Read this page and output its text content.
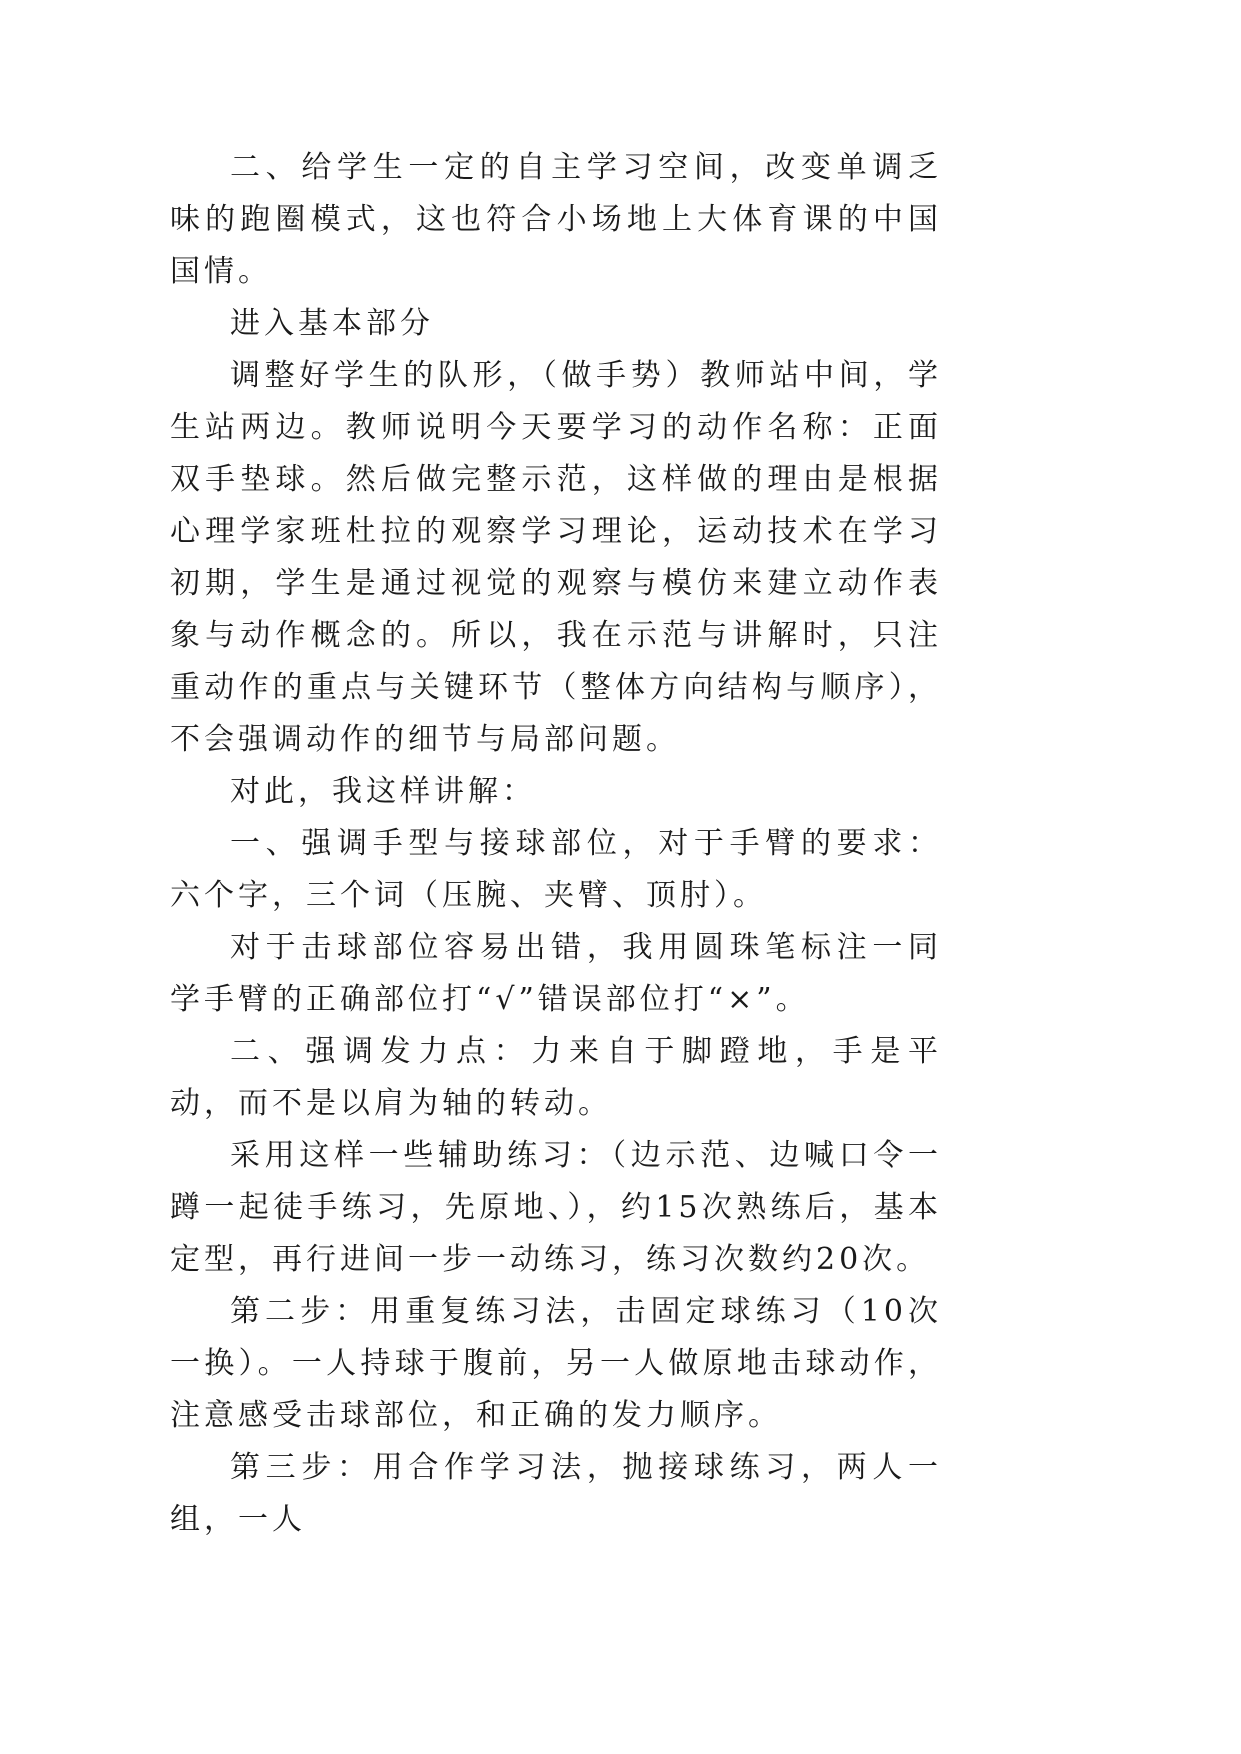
二、给学生一定的自主学习空间，改变单调乏味的跑圈模式，这也符合小场地上大体育课的中国国情。

进入基本部分

调整好学生的队形，（做手势）教师站中间，学生站两边。教师说明今天要学习的动作名称：正面双手垫球。然后做完整示范，这样做的理由是根据心理学家班杜拉的观察学习理论，运动技术在学习初期，学生是通过视觉的观察与模仿来建立动作表象与动作概念的。所以，我在示范与讲解时，只注重动作的重点与关键环节（整体方向结构与顺序），不会强调动作的细节与局部问题。

对此，我这样讲解：

一、强调手型与接球部位，对于手臂的要求：六个字，三个词（压腕、夹臂、顶肘）。

对于击球部位容易出错，我用圆珠笔标注一同学手臂的正确部位打“√”错误部位打“×”。

二、强调发力点：力来自于脚蹬地，手是平动，而不是以肩为轴的转动。

采用这样一些辅助练习：（边示范、边喊口令一蹲一起徒手练习，先原地、），约15次熟练后，基本定型，再行进间一步一动练习，练习次数约20次。

第二步：用重复练习法，击固定球练习（10次一换）。一人持球于腹前，另一人做原地击球动作，注意感受击球部位，和正确的发力顺序。

第三步：用合作学习法，抛接球练习，两人一组，一人
